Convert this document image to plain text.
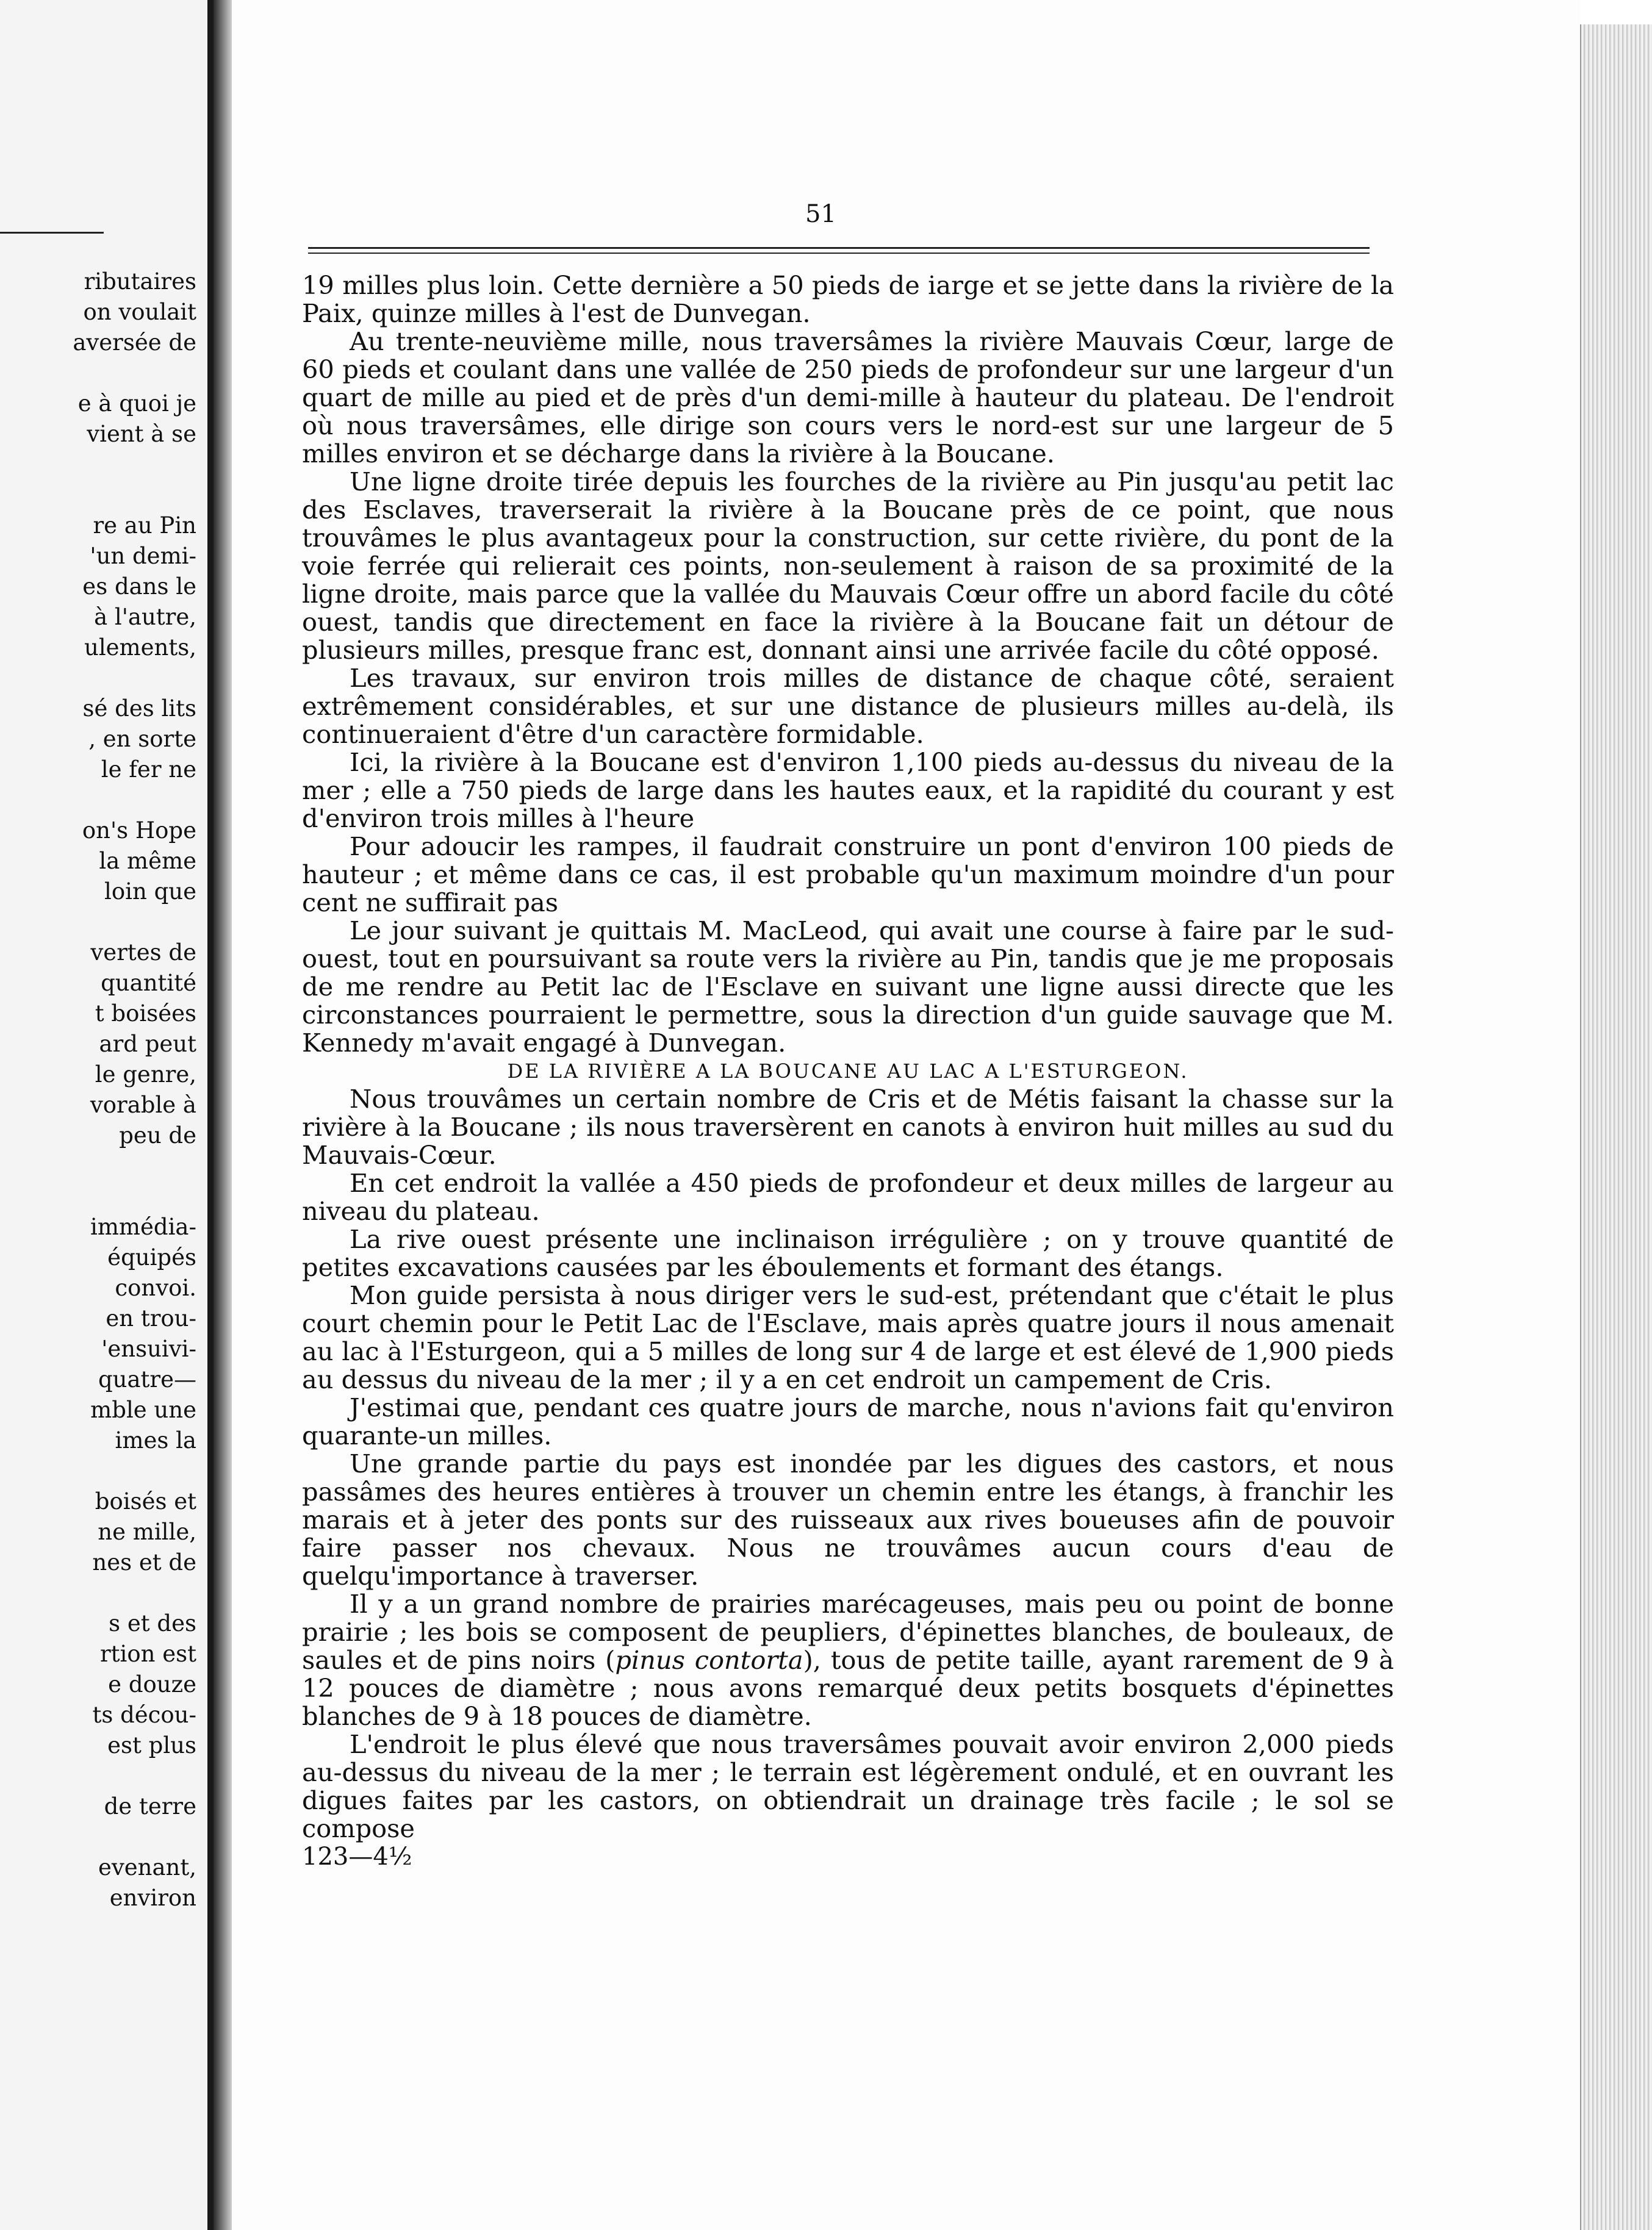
ributaires
on voulait
aversée de
e à quoi je
vient à se
re au Pin
'un demi-
es dans le
à l'autre,
ulements,
sé des lits
, en sorte
le fer ne
on's Hope
la même
loin que
vertes de
quantité
t boisées
ard peut
le genre,
vorable à
peu de
immédia-
équipés
convoi.
en trou-
'ensuivi-
quatre—
mble une
imes la
boisés et
ne mille,
nes et de
s et des
rtion est
e douze
ts décou-
est plus
de terre
evenant,
environ
51

19 milles plus loin. Cette dernière a 50 pieds de iarge et se jette dans la rivière de la Paix, quinze milles à l'est de Dunvegan.

Au trente-neuvième mille, nous traversâmes la rivière Mauvais Cœur, large de 60 pieds et coulant dans une vallée de 250 pieds de profondeur sur une largeur d'un quart de mille au pied et de près d'un demi-mille à hauteur du plateau. De l'endroit où nous traversâmes, elle dirige son cours vers le nord-est sur une largeur de 5 milles environ et se décharge dans la rivière à la Boucane.

Une ligne droite tirée depuis les fourches de la rivière au Pin jusqu'au petit lac des Esclaves, traverserait la rivière à la Boucane près de ce point, que nous trouvâmes le plus avantageux pour la construction, sur cette rivière, du pont de la voie ferrée qui relierait ces points, non-seulement à raison de sa proximité de la ligne droite, mais parce que la vallée du Mauvais Cœur offre un abord facile du côté ouest, tandis que directement en face la rivière à la Boucane fait un détour de plusieurs milles, presque franc est, donnant ainsi une arrivée facile du côté opposé.

Les travaux, sur environ trois milles de distance de chaque côté, seraient extrêmement considérables, et sur une distance de plusieurs milles au-delà, ils continueraient d'être d'un caractère formidable.

Ici, la rivière à la Boucane est d'environ 1,100 pieds au-dessus du niveau de la mer ; elle a 750 pieds de large dans les hautes eaux, et la rapidité du courant y est d'environ trois milles à l'heure

Pour adoucir les rampes, il faudrait construire un pont d'environ 100 pieds de hauteur ; et même dans ce cas, il est probable qu'un maximum moindre d'un pour cent ne suffirait pas

Le jour suivant je quittais M. MacLeod, qui avait une course à faire par le sud-ouest, tout en poursuivant sa route vers la rivière au Pin, tandis que je me proposais de me rendre au Petit lac de l'Esclave en suivant une ligne aussi directe que les circonstances pourraient le permettre, sous la direction d'un guide sauvage que M. Kennedy m'avait engagé à Dunvegan.

DE LA RIVIÈRE A LA BOUCANE AU LAC A L'ESTURGEON.

Nous trouvâmes un certain nombre de Cris et de Métis faisant la chasse sur la rivière à la Boucane ; ils nous traversèrent en canots à environ huit milles au sud du Mauvais-Cœur.

En cet endroit la vallée a 450 pieds de profondeur et deux milles de largeur au niveau du plateau.

La rive ouest présente une inclinaison irrégulière ; on y trouve quantité de petites excavations causées par les éboulements et formant des étangs.

Mon guide persista à nous diriger vers le sud-est, prétendant que c'était le plus court chemin pour le Petit Lac de l'Esclave, mais après quatre jours il nous amenait au lac à l'Esturgeon, qui a 5 milles de long sur 4 de large et est élevé de 1,900 pieds au dessus du niveau de la mer ; il y a en cet endroit un campement de Cris.

J'estimai que, pendant ces quatre jours de marche, nous n'avions fait qu'environ quarante-un milles.

Une grande partie du pays est inondée par les digues des castors, et nous passâmes des heures entières à trouver un chemin entre les étangs, à franchir les marais et à jeter des ponts sur des ruisseaux aux rives boueuses afin de pouvoir faire passer nos chevaux. Nous ne trouvâmes aucun cours d'eau de quelqu'importance à traverser.

Il y a un grand nombre de prairies marécageuses, mais peu ou point de bonne prairie ; les bois se composent de peupliers, d'épinettes blanches, de bouleaux, de saules et de pins noirs (pinus contorta), tous de petite taille, ayant rarement de 9 à 12 pouces de diamètre ; nous avons remarqué deux petits bosquets d'épinettes blanches de 9 à 18 pouces de diamètre.

L'endroit le plus élevé que nous traversâmes pouvait avoir environ 2,000 pieds au-dessus du niveau de la mer ; le terrain est légèrement ondulé, et en ouvrant les digues faites par les castors, on obtiendrait un drainage très facile ; le sol se compose

123—4½
